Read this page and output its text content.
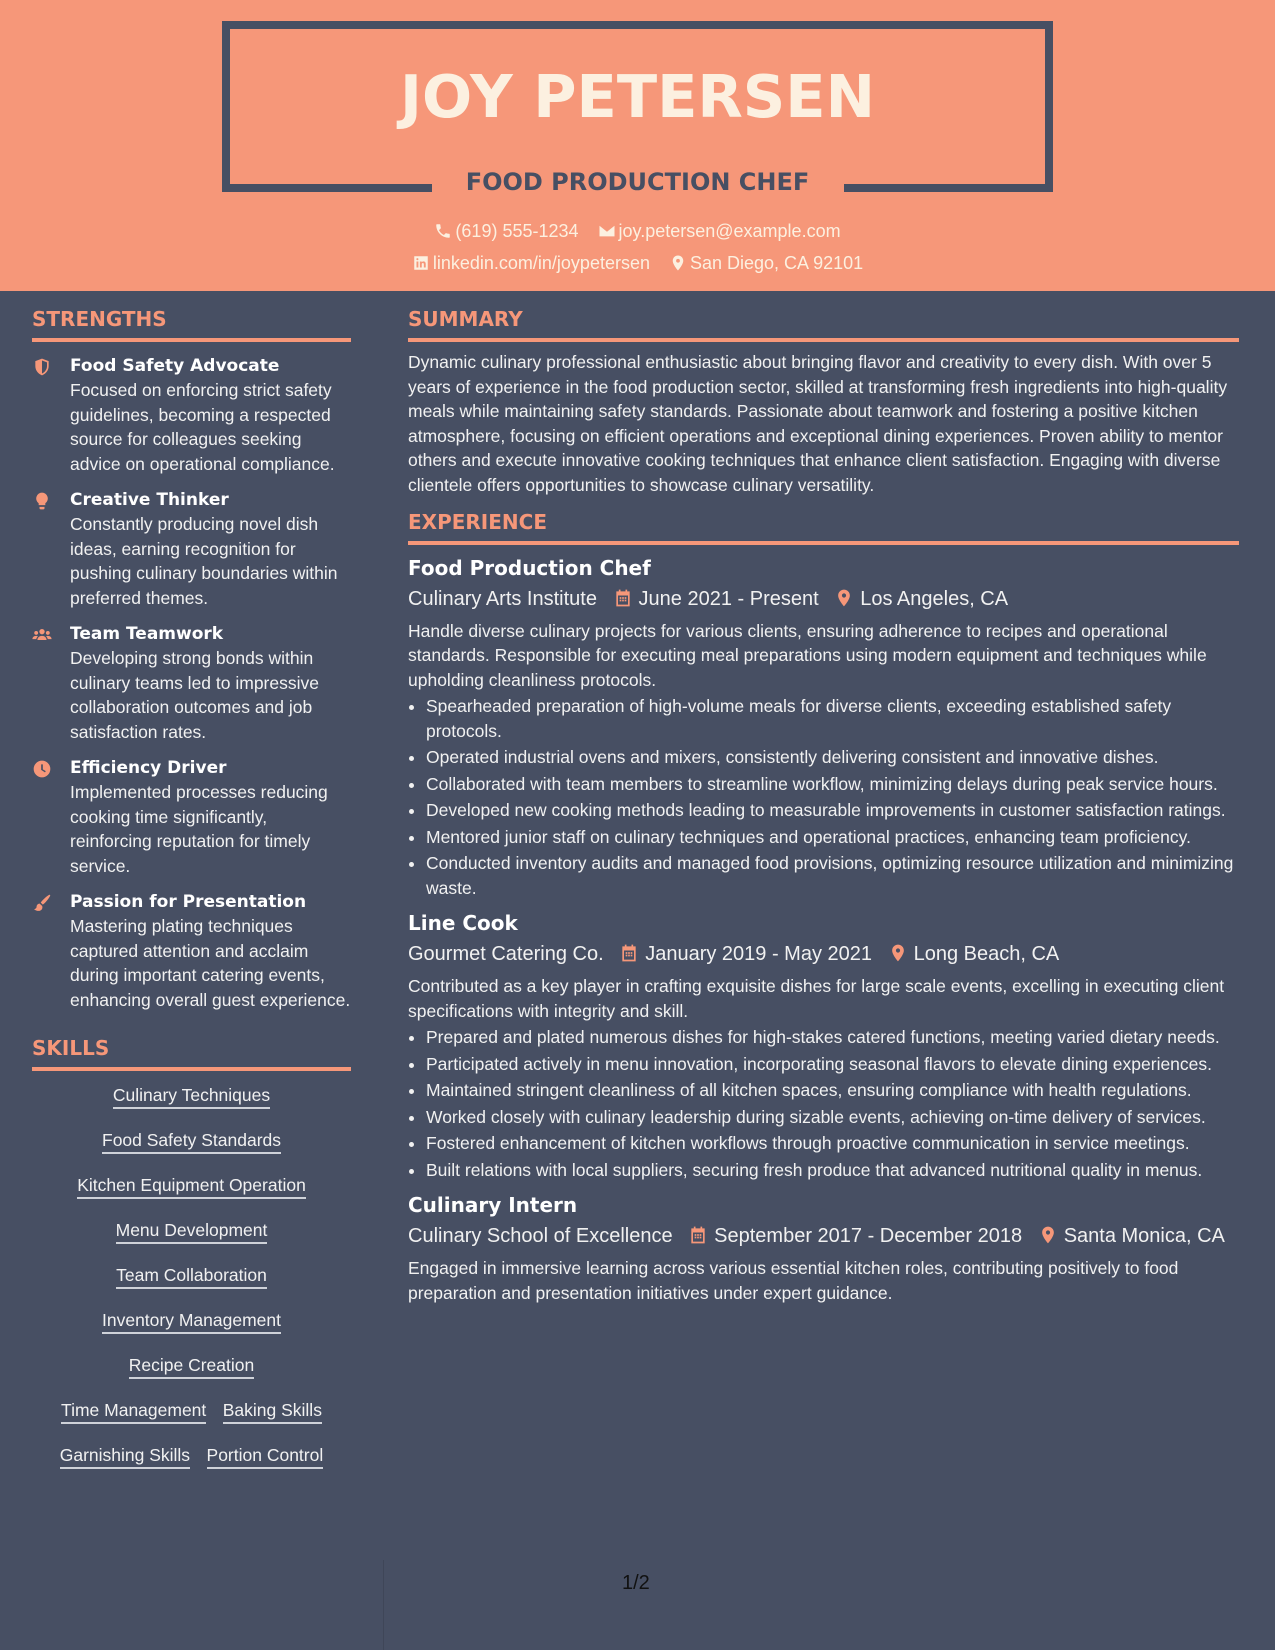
JOY PETERSEN
FOOD PRODUCTION CHEF
(619) 555-1234 joy.petersen@example.com
linkedin.com/in/joypetersen San Diego, CA 92101
STRENGTHS
Food Safety Advocate
Focused on enforcing strict safety guidelines, becoming a respected source for colleagues seeking advice on operational compliance.
Creative Thinker
Constantly producing novel dish ideas, earning recognition for pushing culinary boundaries within preferred themes.
Team Teamwork
Developing strong bonds within culinary teams led to impressive collaboration outcomes and job satisfaction rates.
Efficiency Driver
Implemented processes reducing cooking time significantly, reinforcing reputation for timely service.
Passion for Presentation
Mastering plating techniques captured attention and acclaim during important catering events, enhancing overall guest experience.
SKILLS
Culinary Techniques
Food Safety Standards
Kitchen Equipment Operation
Menu Development
Team Collaboration
Inventory Management
Recipe Creation
Time Management Baking Skills
Garnishing Skills Portion Control
SUMMARY
Dynamic culinary professional enthusiastic about bringing flavor and creativity to every dish. With over 5 years of experience in the food production sector, skilled at transforming fresh ingredients into high-quality meals while maintaining safety standards. Passionate about teamwork and fostering a positive kitchen atmosphere, focusing on efficient operations and exceptional dining experiences. Proven ability to mentor others and execute innovative cooking techniques that enhance client satisfaction. Engaging with diverse clientele offers opportunities to showcase culinary versatility.
EXPERIENCE
Food Production Chef
Culinary Arts Institute June 2021 - Present Los Angeles, CA
Handle diverse culinary projects for various clients, ensuring adherence to recipes and operational standards. Responsible for executing meal preparations using modern equipment and techniques while upholding cleanliness protocols.
• Spearheaded preparation of high-volume meals for diverse clients, exceeding established safety protocols.
• Operated industrial ovens and mixers, consistently delivering consistent and innovative dishes.
• Collaborated with team members to streamline workflow, minimizing delays during peak service hours.
• Developed new cooking methods leading to measurable improvements in customer satisfaction ratings.
• Mentored junior staff on culinary techniques and operational practices, enhancing team proficiency.
• Conducted inventory audits and managed food provisions, optimizing resource utilization and minimizing waste.
Line Cook
Gourmet Catering Co. January 2019 - May 2021 Long Beach, CA
Contributed as a key player in crafting exquisite dishes for large scale events, excelling in executing client specifications with integrity and skill.
• Prepared and plated numerous dishes for high-stakes catered functions, meeting varied dietary needs.
• Participated actively in menu innovation, incorporating seasonal flavors to elevate dining experiences.
• Maintained stringent cleanliness of all kitchen spaces, ensuring compliance with health regulations.
• Worked closely with culinary leadership during sizable events, achieving on-time delivery of services.
• Fostered enhancement of kitchen workflows through proactive communication in service meetings.
• Built relations with local suppliers, securing fresh produce that advanced nutritional quality in menus.
Culinary Intern
Culinary School of Excellence September 2017 - December 2018 Santa Monica, CA
Engaged in immersive learning across various essential kitchen roles, contributing positively to food preparation and presentation initiatives under expert guidance.
1/2
